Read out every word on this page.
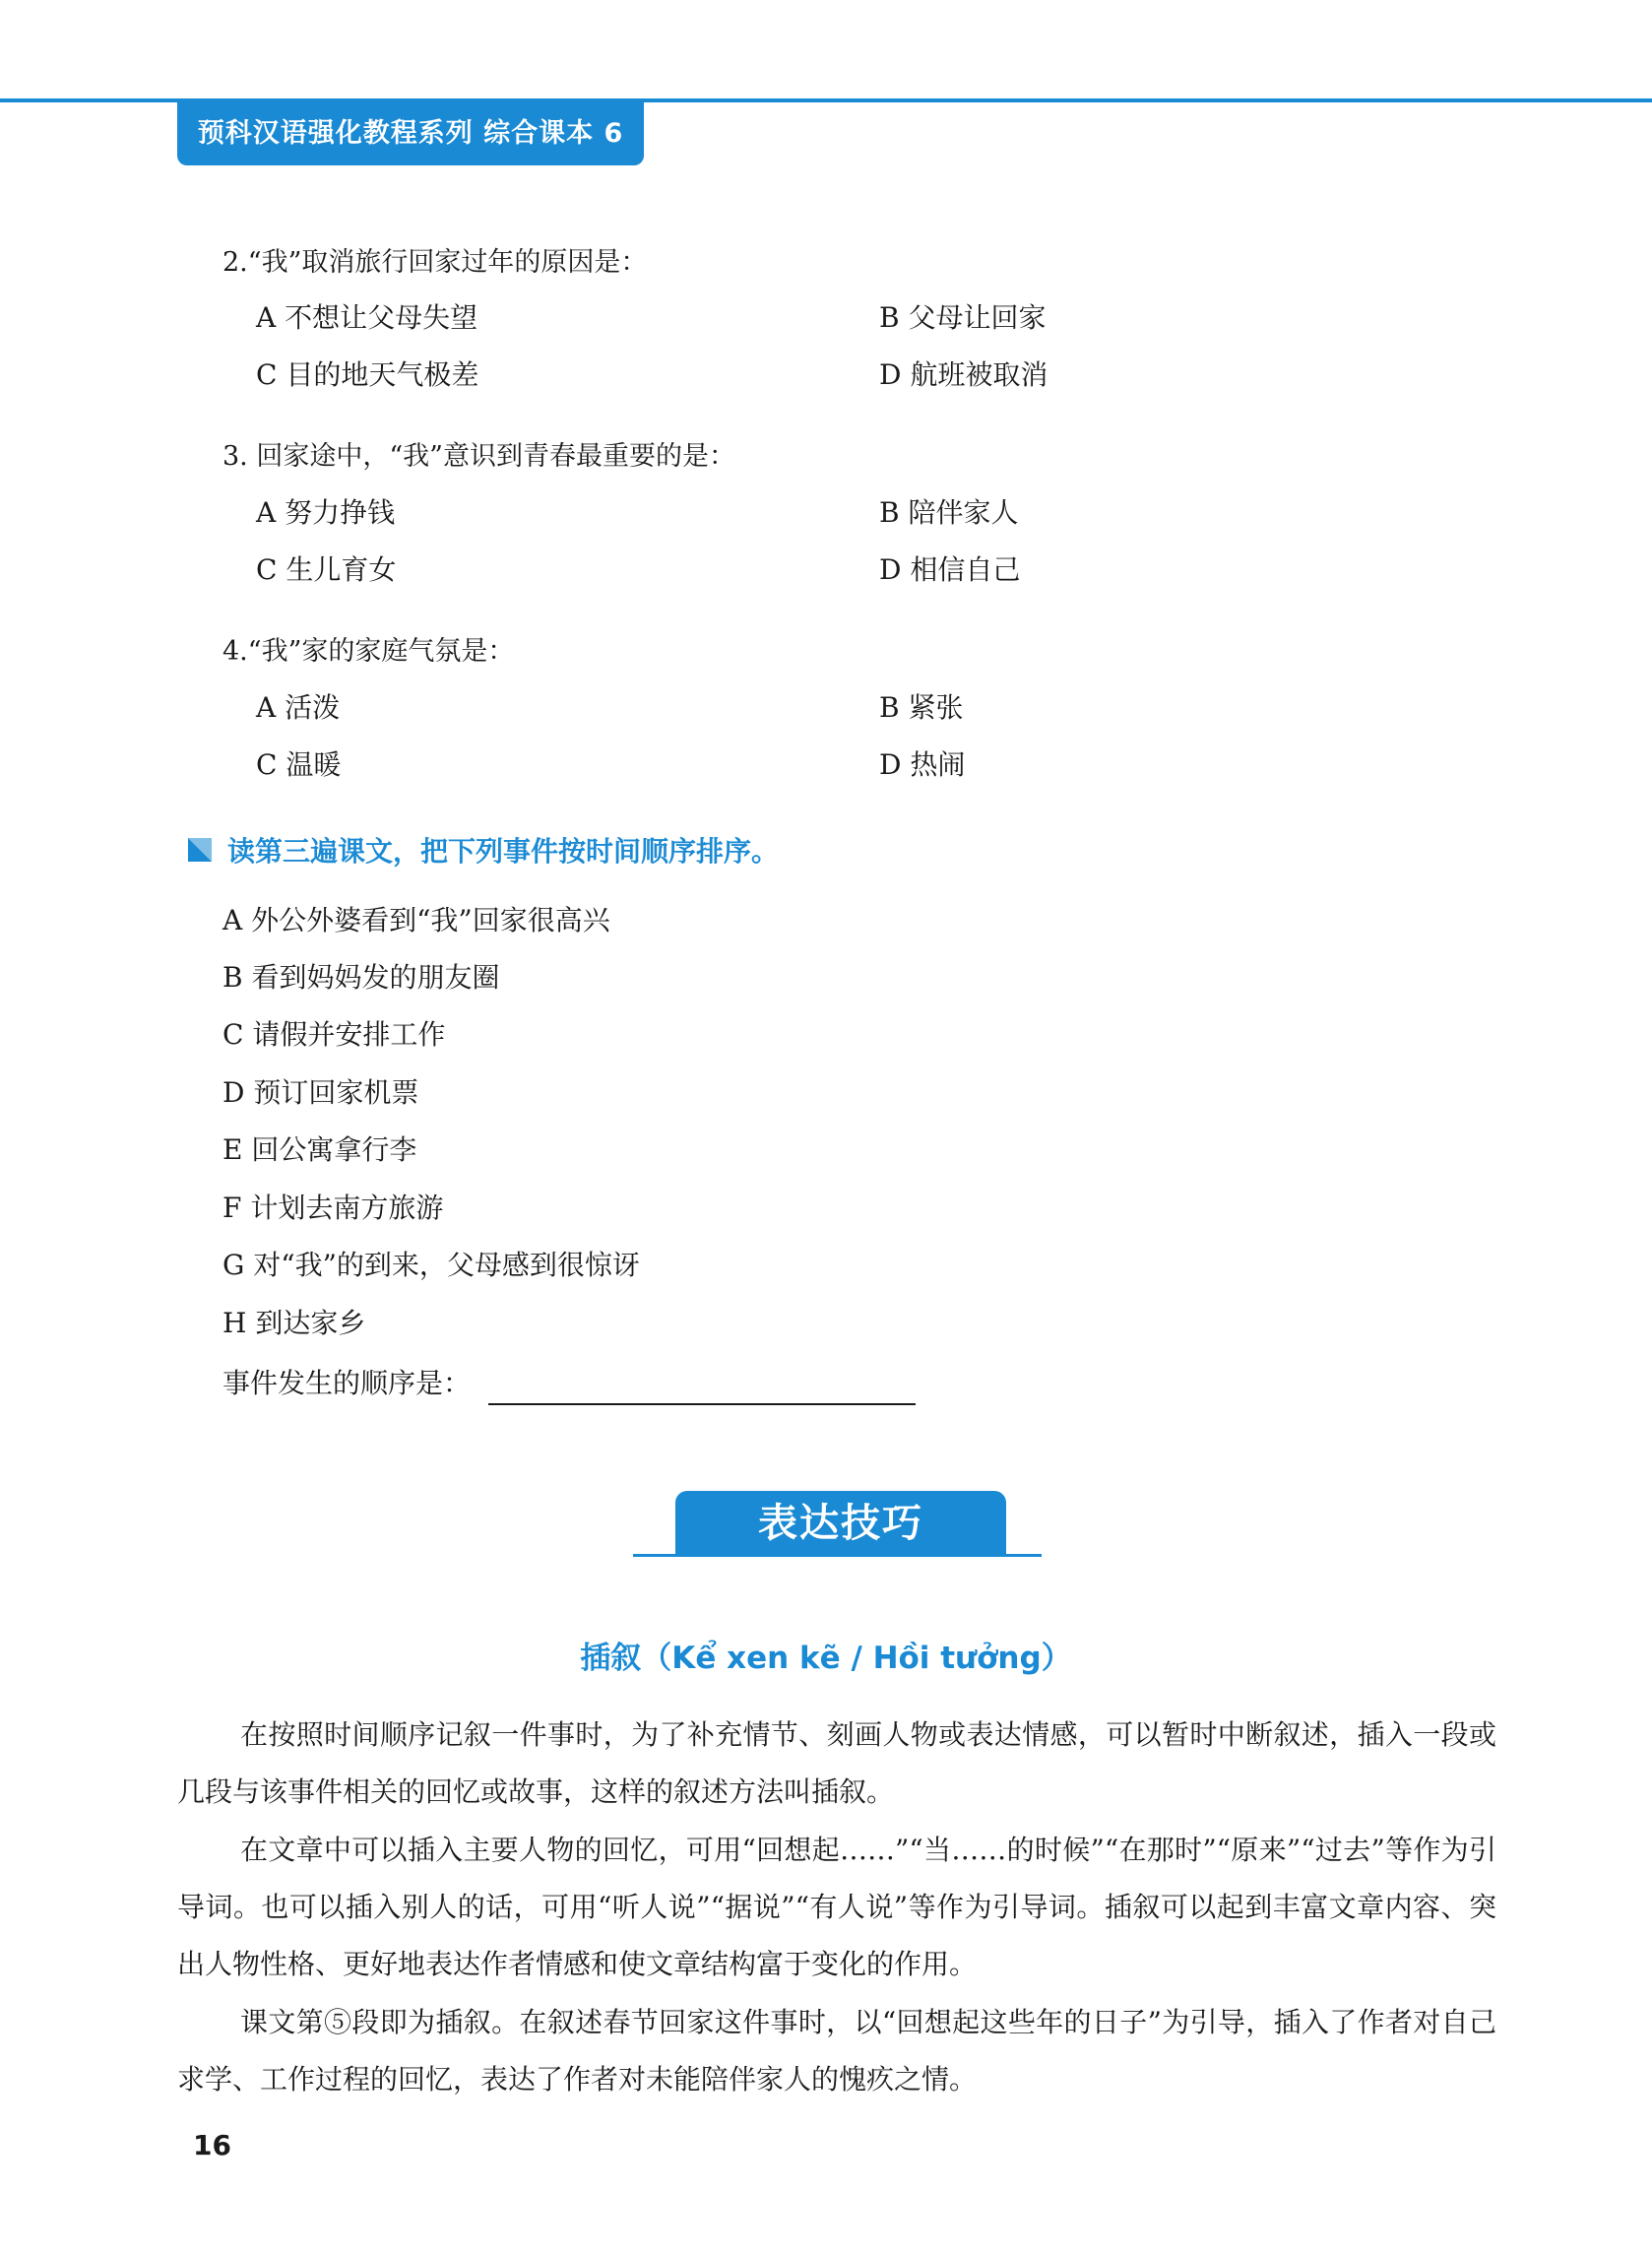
预科汉语强化教程系列 综合课本 6
2.“我”取消旅行回家过年的原因是：
A 不想让父母失望	B 父母让回家
C 目的地天气极差	D 航班被取消
3. 回家途中，“我”意识到青春最重要的是：
A 努力挣钱	B 陪伴家人
C 生儿育女	D 相信自己
4.“我”家的家庭气氛是：
A 活泼	B 紧张
C 温暖	D 热闹
读第三遍课文，把下列事件按时间顺序排序。
A 外公外婆看到“我”回家很高兴
B 看到妈妈发的朋友圈
C 请假并安排工作
D 预订回家机票
E 回公寓拿行李
F 计划去南方旅游
G 对“我”的到来，父母感到很惊讶
H 到达家乡
事件发生的顺序是：
表达技巧
插叙（Kể xen kẽ / Hồi tưởng）
在按照时间顺序记叙一件事时，为了补充情节、刻画人物或表达情感，可以暂时中断叙述，插入一段或几段与该事件相关的回忆或故事，这样的叙述方法叫插叙。
在文章中可以插入主要人物的回忆，可用“回想起……”“当……的时候”“在那时”“原来”“过去”等作为引导词。也可以插入别人的话，可用“听人说”“据说”“有人说”等作为引导词。插叙可以起到丰富文章内容、突出人物性格、更好地表达作者情感和使文章结构富于变化的作用。
课文第⑤段即为插叙。在叙述春节回家这件事时，以“回想起这些年的日子”为引导，插入了作者对自己求学、工作过程的回忆，表达了作者对未能陪伴家人的愧疚之情。
16
